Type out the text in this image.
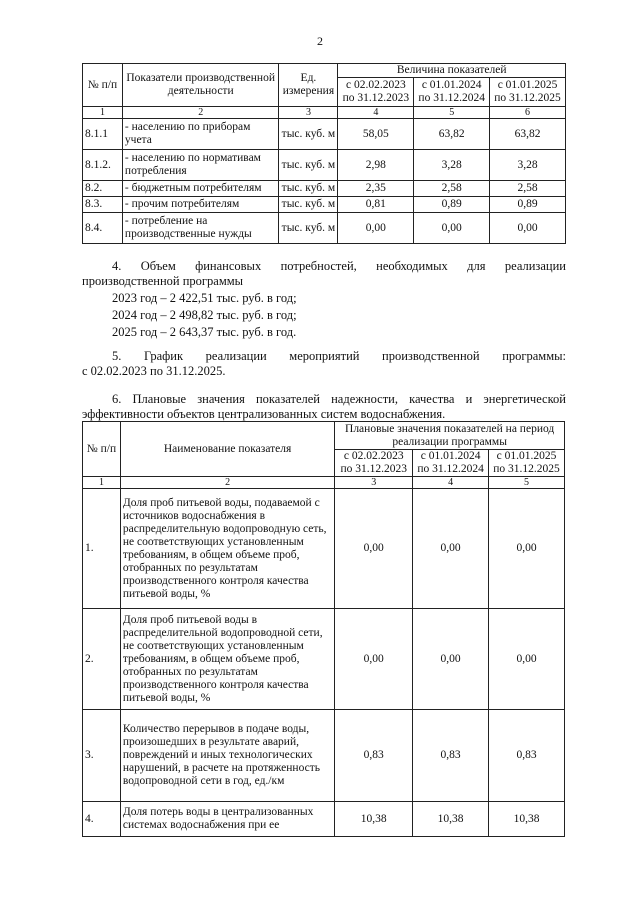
2
№ п/п	Показатели производственной деятельности	Ед. измерения	Величина показателей		
			с 02.02.2023 по 31.12.2023	с 01.01.2024 по 31.12.2024	с 01.01.2025 по 31.12.2025
1	2	3	4	5	6
8.1.1	- населению по приборам учета	тыс. куб. м	58,05	63,82	63,82
8.1.2.	- населению по нормативам потребления	тыс. куб. м	2,98	3,28	3,28
8.2.	- бюджетным потребителям	тыс. куб. м	2,35	2,58	2,58
8.3.	- прочим потребителям	тыс. куб. м	0,81	0,89	0,89
8.4.	- потребление на производственные нужды	тыс. куб. м	0,00	0,00	0,00
4. Объем финансовых потребностей, необходимых для реализации
производственной программы
2023 год – 2 422,51 тыс. руб. в год;
2024 год – 2 498,82 тыс. руб. в год;
2025 год – 2 643,37 тыс. руб. в год.
5. График реализации мероприятий производственной программы:
с 02.02.2023 по 31.12.2025.
6. Плановые значения показателей надежности, качества и энергетической
эффективности объектов централизованных систем водоснабжения.
№ п/п	Наименование показателя	Плановые значения показателей на период реализации программы		
		с 02.02.2023 по 31.12.2023	с 01.01.2024 по 31.12.2024	с 01.01.2025 по 31.12.2025
1	2	3	4	5
1.	Доля проб питьевой воды, подаваемой с источников водоснабжения в распределительную водопроводную сеть, не соответствующих установленным требованиям, в общем объеме проб, отобранных по результатам производственного контроля качества питьевой воды, %	0,00	0,00	0,00
2.	Доля проб питьевой воды в распределительной водопроводной сети, не соответствующих установленным требованиям, в общем объеме проб, отобранных по результатам производственного контроля качества питьевой воды, %	0,00	0,00	0,00
3.	Количество перерывов в подаче воды, произошедших в результате аварий, повреждений и иных технологических нарушений, в расчете на протяженность водопроводной сети в год, ед./км	0,83	0,83	0,83
4.	Доля потерь воды в централизованных системах водоснабжения при ее	10,38	10,38	10,38
